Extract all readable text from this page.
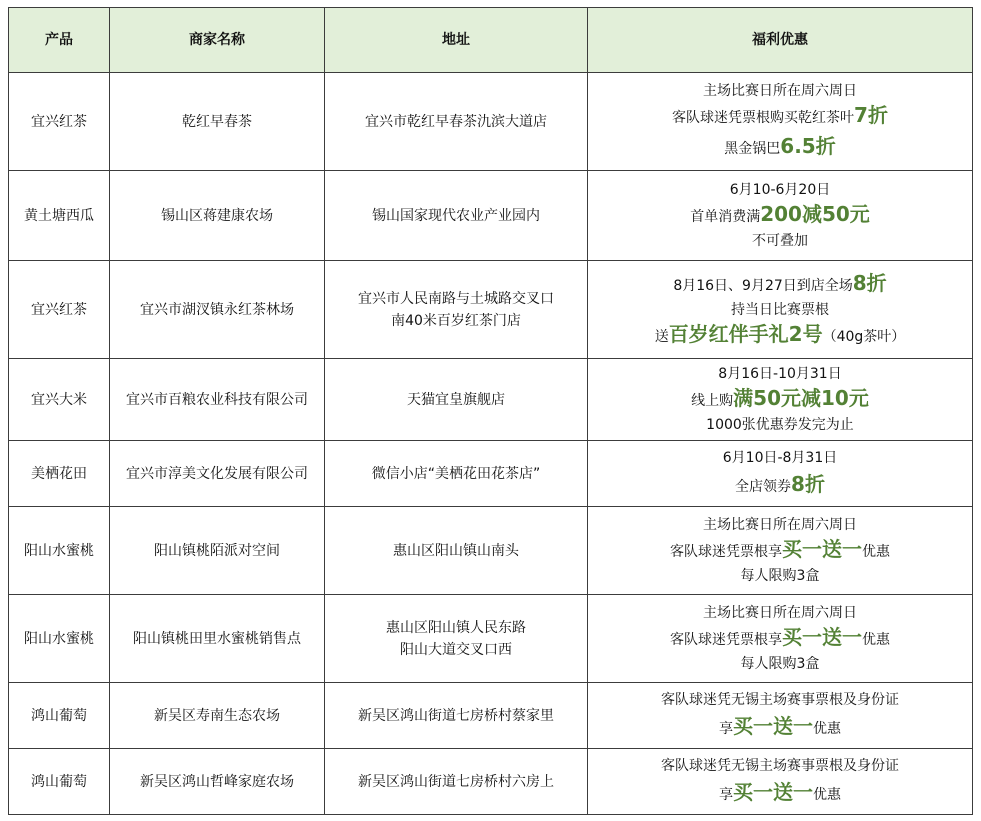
产品	商家名称	地址	福利优惠
宜兴红茶	乾红早春茶	宜兴市乾红早春茶氿滨大道店	主场比赛日所在周六周日
客队球迷凭票根购买乾红茶叶7折
黑金锅巴6.5折

黄土塘西瓜	锡山区蒋建康农场	锡山国家现代农业产业园内	6月10-6月20日
首单消费满200减50元
不可叠加

宜兴红茶	宜兴市湖汊镇永红茶林场	宜兴市人民南路与土城路交叉口
南40米百岁红茶门店	8月16日、9月27日到店全场8折
持当日比赛票根
送百岁红伴手礼2号（40g茶叶）

宜兴大米	宜兴市百粮农业科技有限公司	天猫宜皇旗舰店	8月16日-10月31日
线上购满50元减10元
1000张优惠券发完为止

美栖花田	宜兴市淳美文化发展有限公司	微信小店“美栖花田花茶店”	6月10日-8月31日
全店领券8折

阳山水蜜桃	阳山镇桃陌派对空间	惠山区阳山镇山南头	主场比赛日所在周六周日
客队球迷凭票根享买一送一优惠
每人限购3盒

阳山水蜜桃	阳山镇桃田里水蜜桃销售点	惠山区阳山镇人民东路
阳山大道交叉口西	主场比赛日所在周六周日
客队球迷凭票根享买一送一优惠
每人限购3盒

鸿山葡萄	新吴区寿南生态农场	新吴区鸿山街道七房桥村蔡家里	客队球迷凭无锡主场赛事票根及身份证
享买一送一优惠

鸿山葡萄	新吴区鸿山哲峰家庭农场	新吴区鸿山街道七房桥村六房上	客队球迷凭无锡主场赛事票根及身份证
享买一送一优惠
